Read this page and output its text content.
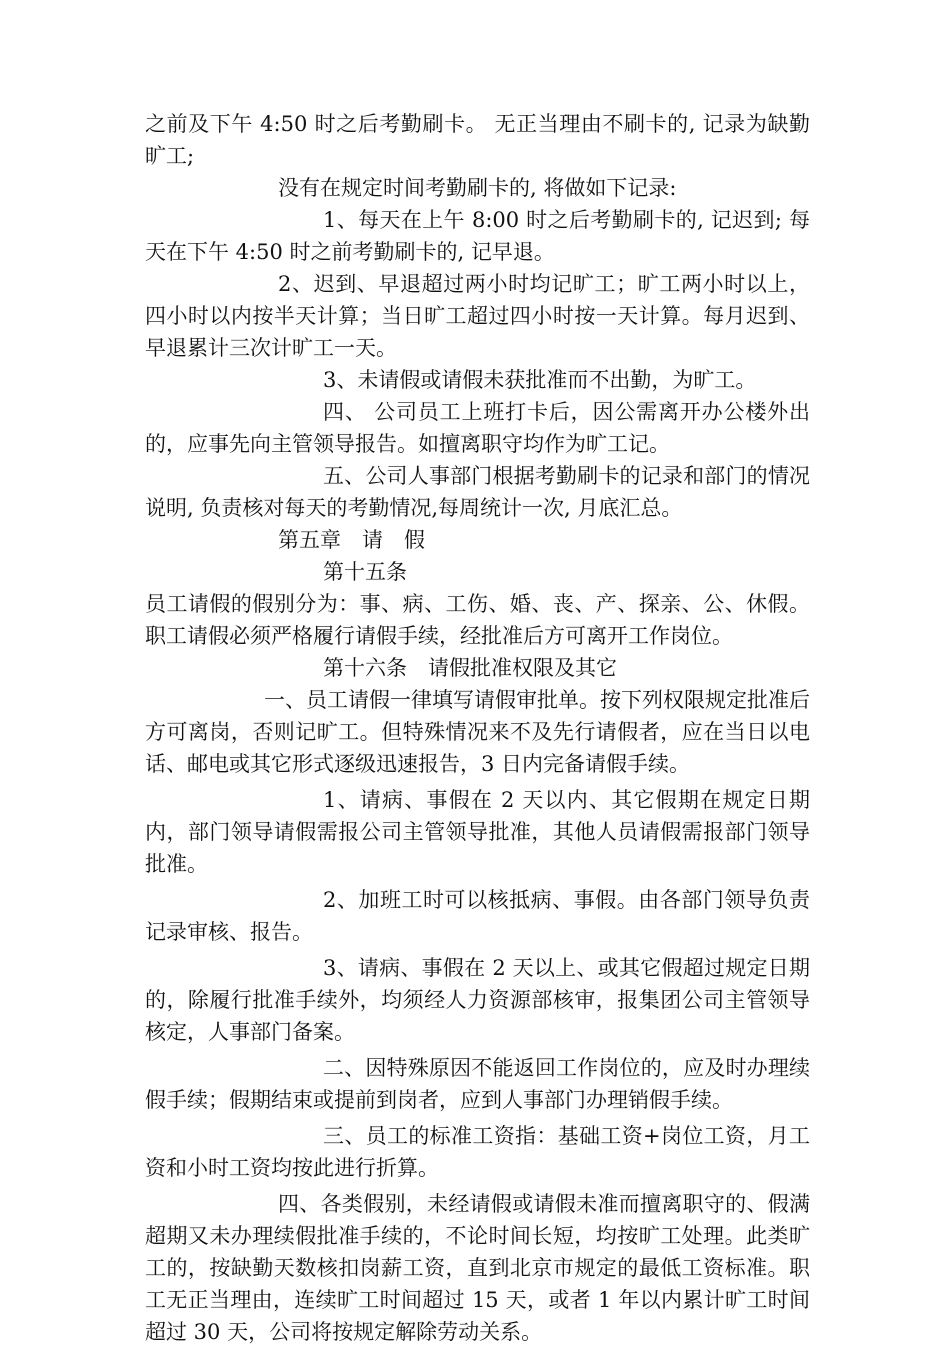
之前及下午 4:50 时之后考勤刷卡。 无正当理由不刷卡的, 记录为缺勤旷工;

没有在规定时间考勤刷卡的, 将做如下记录:

1、每天在上午 8:00 时之后考勤刷卡的, 记迟到; 每天在下午 4:50 时之前考勤刷卡的, 记早退。

2、迟到、早退超过两小时均记旷工；旷工两小时以上，四小时以内按半天计算；当日旷工超过四小时按一天计算。每月迟到、早退累计三次计旷工一天。

3、未请假或请假未获批准而不出勤，为旷工。

四、 公司员工上班打卡后，因公需离开办公楼外出的，应事先向主管领导报告。如擅离职守均作为旷工记。

五、公司人事部门根据考勤刷卡的记录和部门的情况说明, 负责核对每天的考勤情况,每周统计一次, 月底汇总。

第五章　请　假

第十五条

员工请假的假别分为：事、病、工伤、婚、丧、产、探亲、公、休假。职工请假必须严格履行请假手续，经批准后方可离开工作岗位。

第十六条　请假批准权限及其它

一、员工请假一律填写请假审批单。按下列权限规定批准后方可离岗，否则记旷工。但特殊情况来不及先行请假者，应在当日以电话、邮电或其它形式逐级迅速报告，3 日内完备请假手续。

1、请病、事假在 2 天以内、其它假期在规定日期内，部门领导请假需报公司主管领导批准，其他人员请假需报部门领导批准。

2、加班工时可以核抵病、事假。由各部门领导负责记录审核、报告。

3、请病、事假在 2 天以上、或其它假超过规定日期的，除履行批准手续外，均须经人力资源部核审，报集团公司主管领导核定，人事部门备案。

二、因特殊原因不能返回工作岗位的，应及时办理续假手续；假期结束或提前到岗者，应到人事部门办理销假手续。

三、员工的标准工资指：基础工资+岗位工资，月工资和小时工资均按此进行折算。

四、各类假别，未经请假或请假未准而擅离职守的、假满超期又未办理续假批准手续的，不论时间长短，均按旷工处理。此类旷工的，按缺勤天数核扣岗薪工资，直到北京市规定的最低工资标准。职工无正当理由，连续旷工时间超过 15 天，或者 1 年以内累计旷工时间超过 30 天，公司将按规定解除劳动关系。
